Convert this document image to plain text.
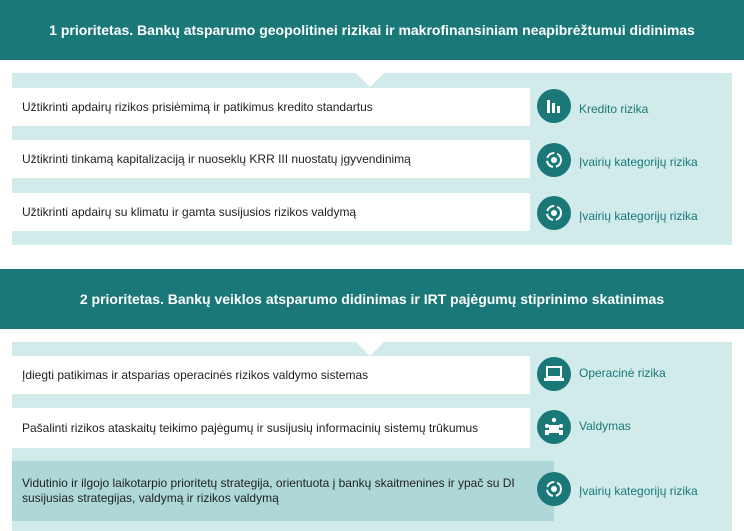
1 prioritetas. Bankų atsparumo geopolitinei rizikai ir makrofinansiniam neapibrėžtumui didinimas
Užtikrinti apdairų rizikos prisiėmimą ir patikimus kredito standartus	Kredito rizika
Užtikrinti tinkamą kapitalizaciją ir nuoseklų KRR III nuostatų įgyvendinimą	Įvairių kategorijų rizika
Užtikrinti apdairų su klimatu ir gamta susijusios rizikos valdymą	Įvairių kategorijų rizika
2 prioritetas. Bankų veiklos atsparumo didinimas ir IRT pajėgumų stiprinimo skatinimas
Įdiegti patikimas ir atsparias operacinės rizikos valdymo sistemas	Operacinė rizika
Pašalinti rizikos ataskaitų teikimo pajėgumų ir susijusių informacinių sistemų trūkumus	Valdymas
Vidutinio ir ilgojo laikotarpio prioritetų strategija, orientuota į bankų skaitmenines ir ypač su DI susijusias strategijas, valdymą ir rizikos valdymą	Įvairių kategorijų rizika
